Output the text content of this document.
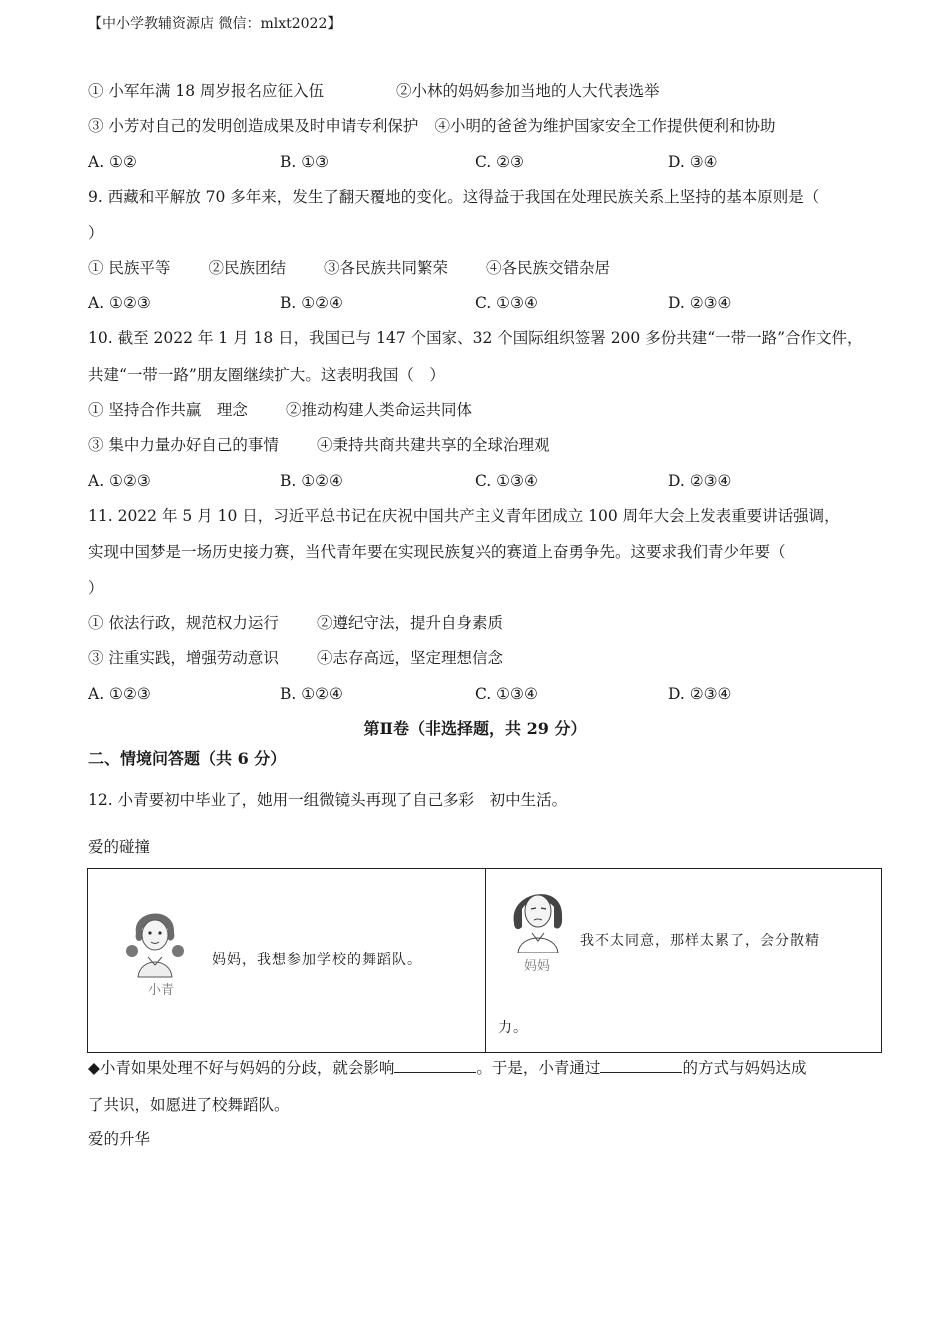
【中小学教辅资源店 微信：mlxt2022】
① 小军年满 18 周岁报名应征入伍	②小林的妈妈参加当地的人大代表选举
③ 小芳对自己的发明创造成果及时申请专利保护 ④小明的爸爸为维护国家安全工作提供便利和协助
A. ①②	B. ①③	C. ②③	D. ③④
9. 西藏和平解放 70 多年来，发生了翻天覆地的变化。这得益于我国在处理民族关系上坚持的基本原则是（
）
① 民族平等 ②民族团结 ③各民族共同繁荣 ④各民族交错杂居
A. ①②③	B. ①②④	C. ①③④	D. ②③④
10. 截至 2022 年 1 月 18 日，我国已与 147 个国家、32 个国际组织签署 200 多份共建“一带一路”合作文件，
共建“一带一路”朋友圈继续扩大。这表明我国（　）
① 坚持合作共赢　理念 ②推动构建人类命运共同体
③ 集中力量办好自己的事情 ④秉持共商共建共享的全球治理观
A. ①②③	B. ①②④	C. ①③④	D. ②③④
11. 2022 年 5 月 10 日，习近平总书记在庆祝中国共产主义青年团成立 100 周年大会上发表重要讲话强调，
实现中国梦是一场历史接力赛，当代青年要在实现民族复兴的赛道上奋勇争先。这要求我们青少年要（
）
① 依法行政，规范权力运行 ②遵纪守法，提升自身素质
③ 注重实践，增强劳动意识 ④志存高远，坚定理想信念
A. ①②③	B. ①②④	C. ①③④	D. ②③④
第Ⅱ卷（非选择题，共 29 分）
二、情境问答题（共 6 分）
12. 小青要初中毕业了，她用一组微镜头再现了自己多彩　初中生活。
爱的碰撞
小青
妈妈，我想参加学校的舞蹈队。	妈妈
我不太同意，那样太累了，会分散精
力。
◆小青如果处理不好与妈妈的分歧，就会影响	。于是，小青通过	的方式与妈妈达成
了共识，如愿进了校舞蹈队。
爱的升华
